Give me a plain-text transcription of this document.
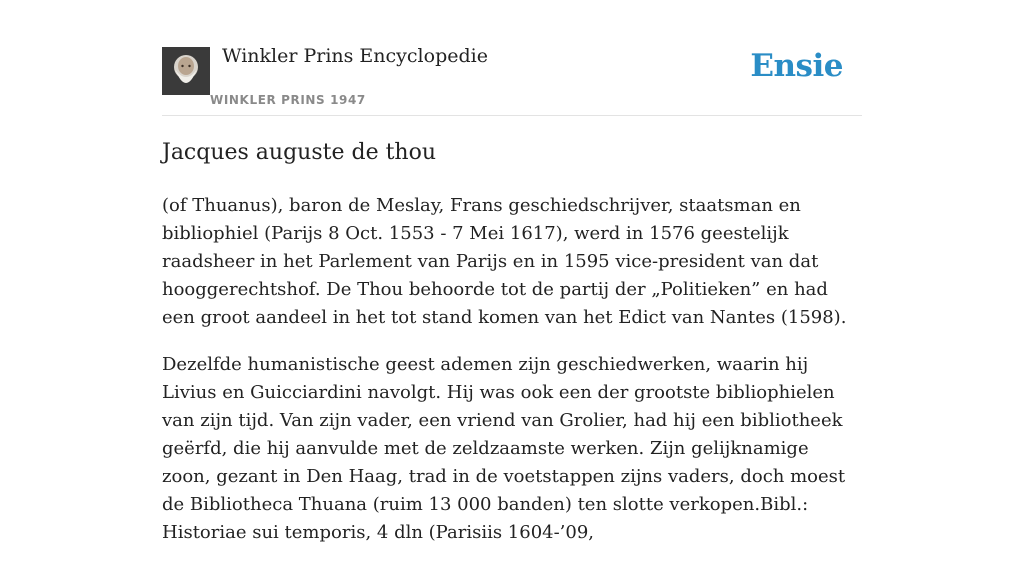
Winkler Prins Encyclopedie
WINKLER PRINS 1947
Ensie
Jacques auguste de thou

(of Thuanus), baron de Meslay, Frans geschiedschrijver, staatsman en bibliophiel (Parijs 8 Oct. 1553 - 7 Mei 1617), werd in 1576 geestelijk raadsheer in het Parlement van Parijs en in 1595 vice-president van dat hooggerechtshof. De Thou behoorde tot de partij der „Politieken” en had een groot aandeel in het tot stand komen van het Edict van Nantes (1598).

Dezelfde humanistische geest ademen zijn geschiedwerken, waarin hij Livius en Guicciardini navolgt. Hij was ook een der grootste bibliophielen van zijn tijd. Van zijn vader, een vriend van Grolier, had hij een bibliotheek geërfd, die hij aanvulde met de zeldzaamste werken. Zijn gelijknamige zoon, gezant in Den Haag, trad in de voetstappen zijns vaders, doch moest de Bibliotheca Thuana (ruim 13 000 banden) ten slotte verkopen.Bibl.: Historiae sui temporis, 4 dln (Parisiis 1604-’09,
